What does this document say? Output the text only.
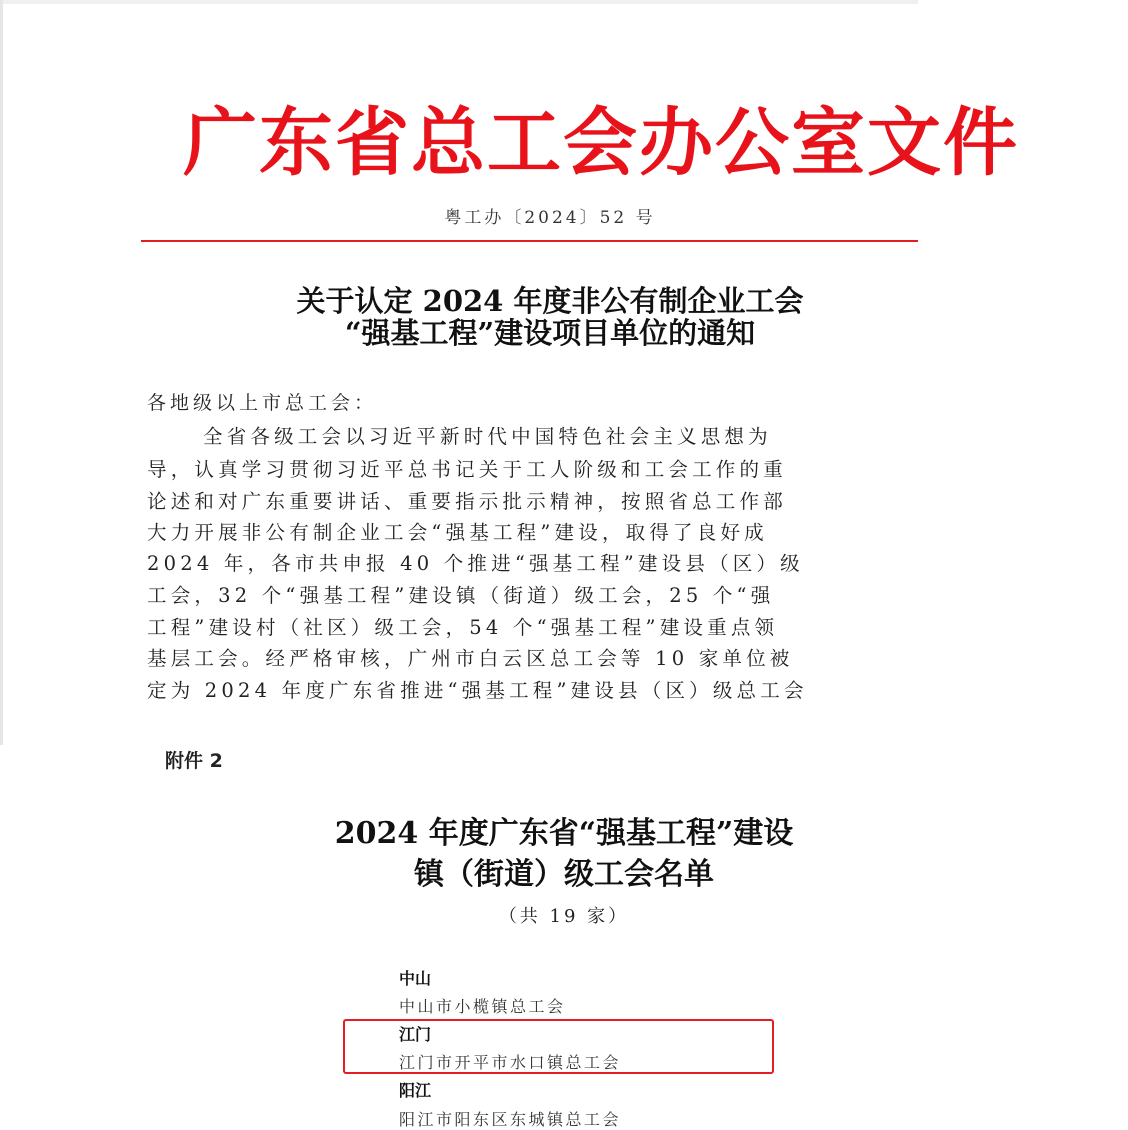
广东省总工会办公室文件
粤工办〔2024〕52 号
关于认定 2024 年度非公有制企业工会
“强基工程”建设项目单位的通知
各地级以上市总工会：
全省各级工会以习近平新时代中国特色社会主义思想为
导，认真学习贯彻习近平总书记关于工人阶级和工会工作的重
论述和对广东重要讲话、重要指示批示精神，按照省总工作部
大力开展非公有制企业工会“强基工程”建设，取得了良好成
2024 年，各市共申报 40 个推进“强基工程”建设县（区）级
工会，32 个“强基工程”建设镇（街道）级工会，25 个“强
工程”建设村（社区）级工会，54 个“强基工程”建设重点领
基层工会。经严格审核，广州市白云区总工会等 10 家单位被
定为 2024 年度广东省推进“强基工程”建设县（区）级总工会
附件 2
2024 年度广东省“强基工程”建设
镇（街道）级工会名单
（共 19 家）
中山
中山市小榄镇总工会
江门
江门市开平市水口镇总工会
阳江
阳江市阳东区东城镇总工会
